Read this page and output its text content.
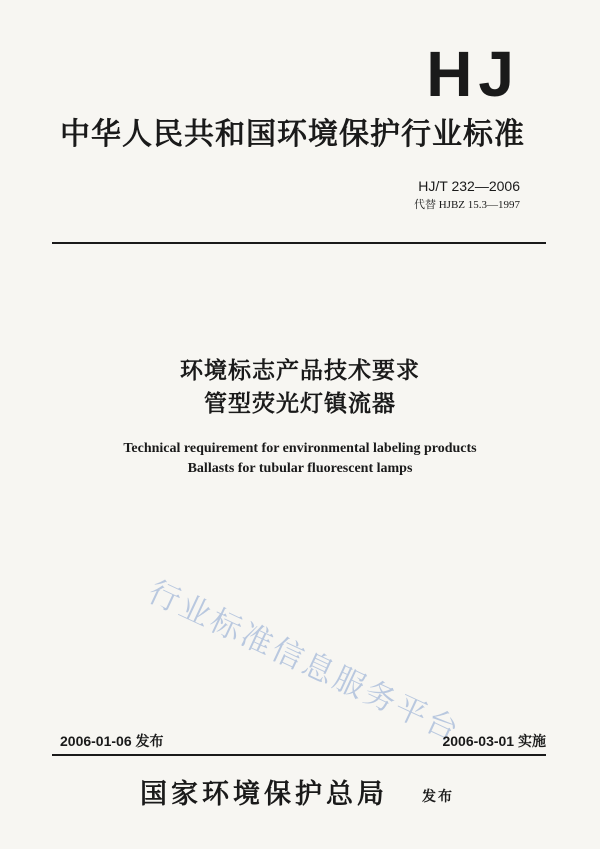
HJ
中华人民共和国环境保护行业标准
HJ/T 232—2006
代替 HJBZ 15.3—1997
环境标志产品技术要求
管型荧光灯镇流器
Technical requirement for environmental labeling products
Ballasts for tubular fluorescent lamps
行业标准信息服务平台
2006-01-06 发布	2006-03-01 实施
国家环境保护总局 发布
